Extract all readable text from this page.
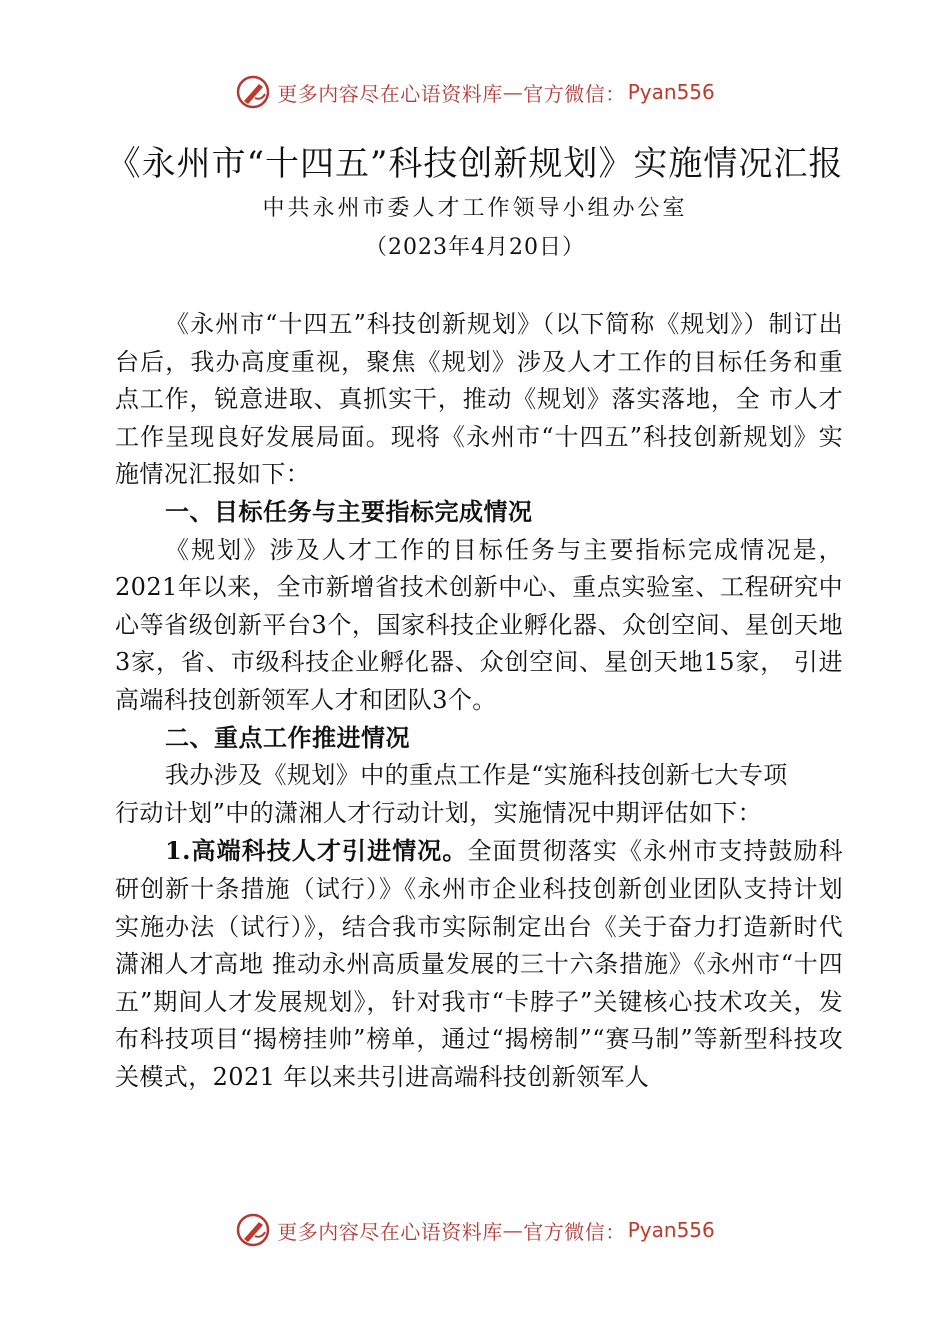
更多内容尽在心语资料库 — 官方微信： Pyan556
《永州市“十四五”科技创新规划》实施情况汇报
中共永州市委人才工作领导小组办公室
（2023年4月20日）

《永州市“十四五”科技创新规划》（以下简称《规划》）制订出台后，我办高度重视，聚焦《规划》涉及人才工作的目标任务和重点工作，锐意进取、真抓实干，推动《规划》落实落地，全 市人才工作呈现良好发展局面。现将《永州市“十四五”科技创新规划》实施情况汇报如下：

一、目标任务与主要指标完成情况

《规划》涉及人才工作的目标任务与主要指标完成情况是，2021年以来，全市新增省技术创新中心、重点实验室、工程研究中心等省级创新平台3个，国家科技企业孵化器、众创空间、星创天地3家，省、市级科技企业孵化器、众创空间、星创天地15家， 引进高端科技创新领军人才和团队3个。

二、重点工作推进情况

我办涉及《规划》中的重点工作是“实施科技创新七大专项

行动计划”中的潇湘人才行动计划，实施情况中期评估如下：

1.高端科技人才引进情况。全面贯彻落实《永州市支持鼓励科研创新十条措施（试行）》《永州市企业科技创新创业团队支持计划实施办法（试行）》，结合我市实际制定出台《关于奋力打造新时代潇湘人才高地 推动永州高质量发展的三十六条措施》《永州市“十四五”期间人才发展规划》，针对我市“卡脖子”关键核心技术攻关，发布科技项目“揭榜挂帅”榜单，通过“揭榜制”“赛马制”等新型科技攻关模式，2021 年以来共引进高端科技创新领军人

更多内容尽在心语资料库 — 官方微信： Pyan556
